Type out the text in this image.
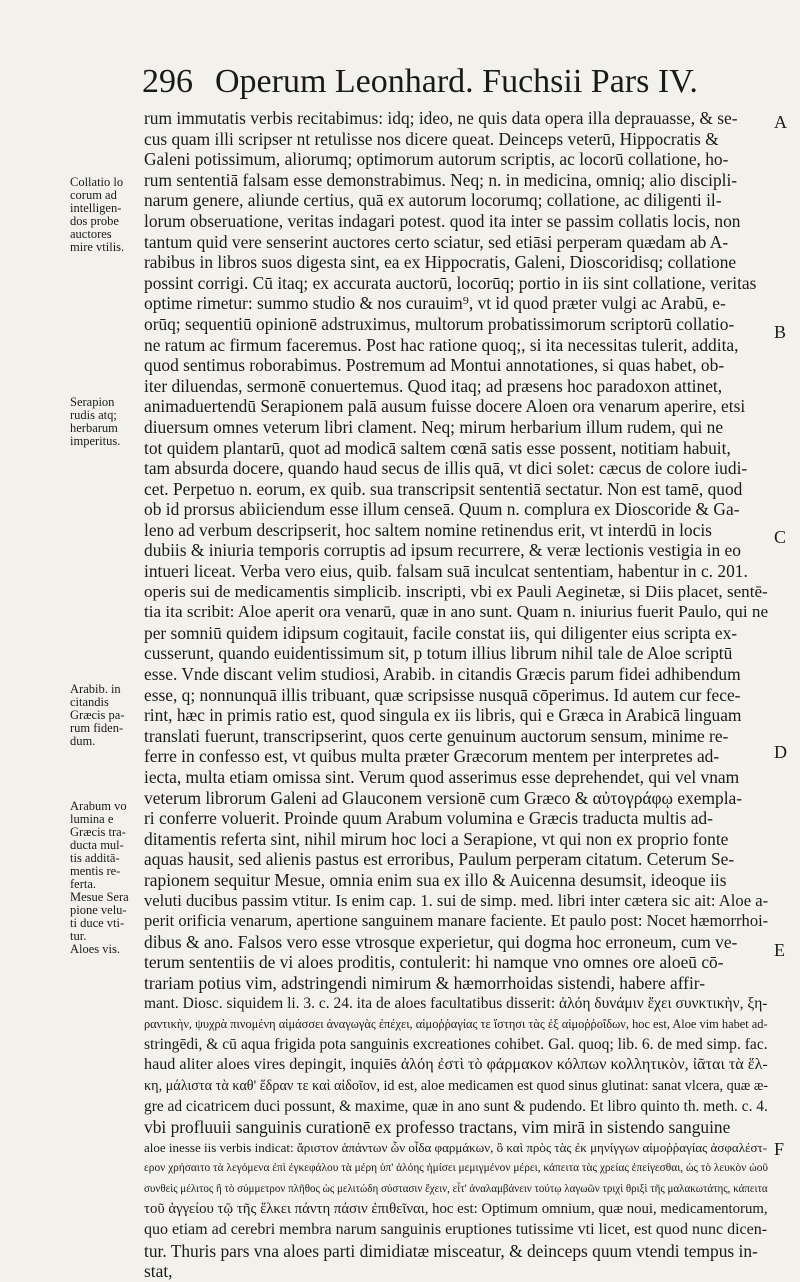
296 Operum Leonhard. Fuchsii Pars IV.
rum immutatis verbis recitabimus: idq; ideo, ne quis data opera illa deprauasse, & se-
cus quam illi scripser nt retulisse nos dicere queat. Deinceps veterū, Hippocratis &
Galeni potissimum, aliorumq; optimorum autorum scriptis, ac locorū collatione, ho-
rum sententiā falsam esse demonstrabimus. Neq; n. in medicina, omniq; alio discipli-
narum genere, aliunde certius, quā ex autorum locorumq; collatione, ac diligenti il-
lorum obseruatione, veritas indagari potest. quod ita inter se passim collatis locis, non
tantum quid vere senserint auctores certo sciatur, sed etiāsi perperam quædam ab A-
rabibus in libros suos digesta sint, ea ex Hippocratis, Galeni, Dioscoridisq; collatione
possint corrigi. Cū itaq; ex accurata auctorū, locorūq; portio in iis sint collatione, veritas
optime rimetur: summo studio & nos curauim⁹, vt id quod præter vulgi ac Arabū, e-
orūq; sequentiū opinionē adstruximus, multorum probatissimorum scriptorū collatio-
ne ratum ac firmum faceremus. Post hac ratione quoq;, si ita necessitas tulerit, addita,
quod sentimus roborabimus. Postremum ad Montui annotationes, si quas habet, ob-
iter diluendas, sermonē conuertemus. Quod itaq; ad præsens hoc paradoxon attinet,
animaduertendū Serapionem palā ausum fuisse docere Aloen ora venarum aperire, etsi
diuersum omnes veterum libri clament. Neq; mirum herbarium illum rudem, qui ne
tot quidem plantarū, quot ad modicā saltem cœnā satis esse possent, notitiam habuit,
tam absurda docere, quando haud secus de illis quā, vt dici solet: cæcus de colore iudi-
cet. Perpetuo n. eorum, ex quib. sua transcripsit sententiā sectatur. Non est tamē, quod
ob id prorsus abiiciendum esse illum censeā. Quum n. complura ex Dioscoride & Ga-
leno ad verbum descripserit, hoc saltem nomine retinendus erit, vt interdū in locis
dubiis & iniuria temporis corruptis ad ipsum recurrere, & veræ lectionis vestigia in eo
intueri liceat. Verba vero eius, quib. falsam suā inculcat sententiam, habentur in c. 201.
operis sui de medicamentis simplicib. inscripti, vbi ex Pauli Aeginetæ, si Diis placet, sentē-
tia ita scribit: Aloe aperit ora venarū, quæ in ano sunt. Quam n. iniurius fuerit Paulo, qui ne
per somniū quidem idipsum cogitauit, facile constat iis, qui diligenter eius scripta ex-
cusserunt, quando euidentissimum sit, p totum illius librum nihil tale de Aloe scriptū
esse. Vnde discant velim studiosi, Arabib. in citandis Græcis parum fidei adhibendum
esse, q; nonnunquā illis tribuant, quæ scripsisse nusquā cōperimus. Id autem cur fece-
rint, hæc in primis ratio est, quod singula ex iis libris, qui e Græca in Arabicā linguam
translati fuerunt, transcripserint, quos certe genuinum auctorum sensum, minime re-
ferre in confesso est, vt quibus multa præter Græcorum mentem per interpretes ad-
iecta, multa etiam omissa sint. Verum quod asserimus esse deprehendet, qui vel vnam
veterum librorum Galeni ad Glauconem versionē cum Græco & αὐτογράφῳ exempla-
ri conferre voluerit. Proinde quum Arabum volumina e Græcis traducta multis ad-
ditamentis referta sint, nihil mirum hoc loci a Serapione, vt qui non ex proprio fonte
aquas hausit, sed alienis pastus est erroribus, Paulum perperam citatum. Ceterum Se-
rapionem sequitur Mesue, omnia enim sua ex illo & Auicenna desumsit, ideoque iis
veluti ducibus passim vtitur. Is enim cap. 1. sui de simp. med. libri inter cætera sic ait: Aloe a-
perit orificia venarum, apertione sanguinem manare faciente. Et paulo post: Nocet hæmorrhoi-
dibus & ano. Falsos vero esse vtrosque experietur, qui dogma hoc erroneum, cum ve-
terum sententiis de vi aloes proditis, contulerit: hi namque vno omnes ore aloeū cō-
trariam potius vim, adstringendi nimirum & hæmorrhoidas sistendi, habere affir-
mant. Diosc. siquidem li. 3. c. 24. ita de aloes facultatibus disserit: ἀλόη δυνάμιν ἔχει συνκτικὴν, ξη-
ραντικὴν, ψυχρὰ πινομένη αἱμάσσει ἀναγωγὰς ἐπέχει, αἱμοῤῥαγίας τε ἵστησι τὰς ἐξ αἱμοῤῥοΐδων, hoc est, Aloe vim habet ad-
stringēdi, & cū aqua frigida pota sanguinis excreationes cohibet. Gal. quoq; lib. 6. de med simp. fac.
haud aliter aloes vires depingit, inquiēs ἀλόη ἐστὶ τὸ φάρμακον κόλπων κολλητικὸν, ἰᾶται τὰ ἕλ-
κη, μάλιστα τὰ καθ' ἕδραν τε καὶ αἰδοῖον, id est, aloe medicamen est quod sinus glutinat: sanat vlcera, quæ æ-
gre ad cicatricem duci possunt, & maxime, quæ in ano sunt & pudendo. Et libro quinto th. meth. c. 4.
vbi profluuii sanguinis curationē ex professo tractans, vim mirā in sistendo sanguine
aloe inesse iis verbis indicat: ἄριστον ἁπάντων ὧν οἶδα φαρμάκων, ὃ καὶ πρὸς τὰς ἐκ μηνίγγων αἱμοῤῥαγίας ἀσφαλέστ-
ερον χρήσαιτο τὰ λεγόμενα ἐπὶ ἐγκεφάλου τὰ μέρη ὑπ' ἀλόης ἡμίσει μεμιγμένον μέρει, κάπειτα τὰς χρείας ἐπείγεσθαι, ὡς τὸ λευκὸν ὠοῦ
συνθεὶς μέλιτος ἢ τὸ σύμμετρον πλῆθος ὡς μελιτώδη σύστασιν ἔχειν, εἶτ' ἀναλαμβάνειν τούτῳ λαγωῶν τριχὶ θριξὶ τῆς μαλακωτάτης, κάπειτα
τοῦ ἀγγείου τῷ τῆς ἕλκει πάντη πάσιν ἐπιθεῖναι, hoc est: Optimum omnium, quæ noui, medicamentorum,
quo etiam ad cerebri membra narum sanguinis eruptiones tutissime vti licet, est quod nunc dicen-
tur. Thuris pars vna aloes parti dimidiatæ misceatur, & deinceps quum vtendi tempus in-
stat,
Collatio lo
corum ad
intelligen-
dos probe
auctores
mire vtilis.
Serapion
rudis atq;
herbarum
imperitus.
Arabib. in
citandis
Græcis pa-
rum fiden-
dum.
Arabum vo
lumina e
Græcis tra-
ducta mul-
tis additā-
mentis re-
ferta.
Mesue Sera
pione velu-
ti duce vti-
tur.
Aloes vis.
A
B
C
D
E
F
